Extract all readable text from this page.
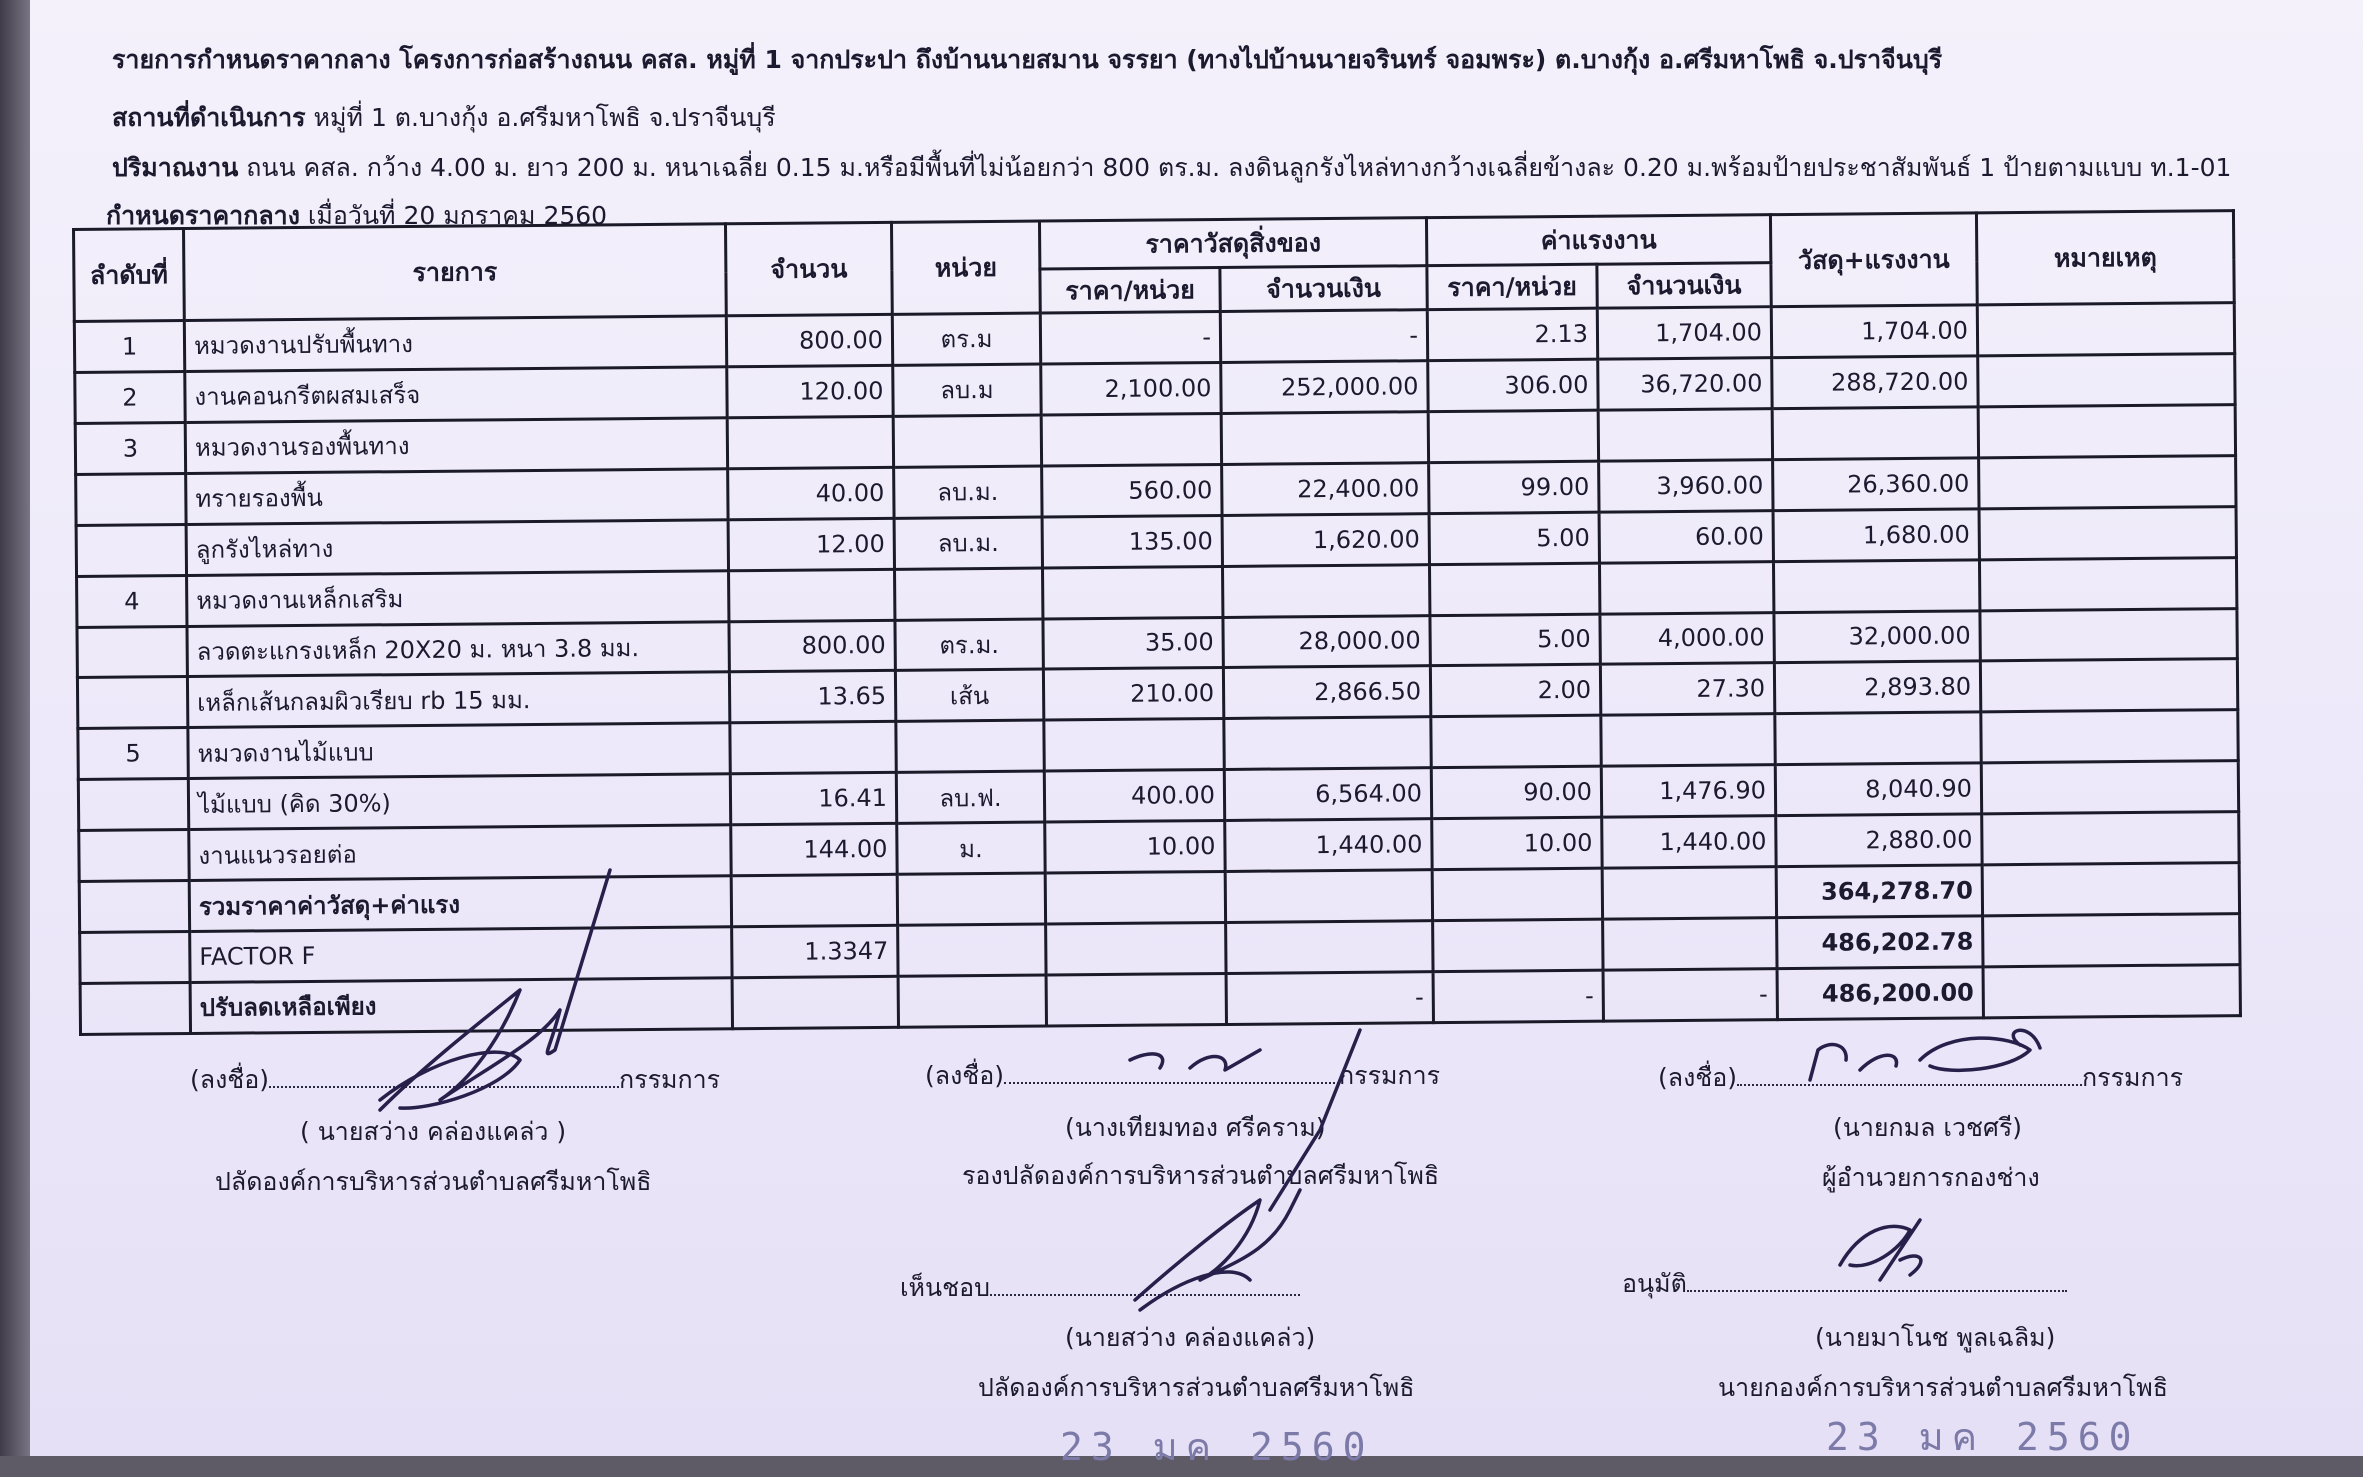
รายการกำหนดราคากลาง โครงการก่อสร้างถนน คสล. หมู่ที่ 1 จากประปา ถึงบ้านนายสมาน จรรยา (ทางไปบ้านนายจรินทร์ จอมพระ) ต.บางกุ้ง อ.ศรีมหาโพธิ จ.ปราจีนบุรี
สถานที่ดำเนินการ หมู่ที่ 1 ต.บางกุ้ง อ.ศรีมหาโพธิ จ.ปราจีนบุรี
ปริมาณงาน ถนน คสล. กว้าง 4.00 ม. ยาว 200 ม. หนาเฉลี่ย 0.15 ม.หรือมีพื้นที่ไม่น้อยกว่า 800 ตร.ม. ลงดินลูกรังไหล่ทางกว้างเฉลี่ยข้างละ 0.20 ม.พร้อมป้ายประชาสัมพันธ์ 1 ป้ายตามแบบ ท.1-01
กำหนดราคากลาง เมื่อวันที่ 20 มกราคม 2560
ลำดับที่	รายการ	จำนวน	หน่วย	ราคาวัสดุสิ่งของ		ค่าแรงงาน		วัสดุ+แรงงาน	หมายเหตุ
				ราคา/หน่วย	จำนวนเงิน	ราคา/หน่วย	จำนวนเงิน		
1	หมวดงานปรับพื้นทาง	800.00	ตร.ม	-	-	2.13	1,704.00	1,704.00	
2	งานคอนกรีตผสมเสร็จ	120.00	ลบ.ม	2,100.00	252,000.00	306.00	36,720.00	288,720.00	
3	หมวดงานรองพื้นทาง								
	ทรายรองพื้น	40.00	ลบ.ม.	560.00	22,400.00	99.00	3,960.00	26,360.00	
	ลูกรังไหล่ทาง	12.00	ลบ.ม.	135.00	1,620.00	5.00	60.00	1,680.00	
4	หมวดงานเหล็กเสริม								
	ลวดตะแกรงเหล็ก 20X20 ม. หนา 3.8 มม.	800.00	ตร.ม.	35.00	28,000.00	5.00	4,000.00	32,000.00	
	เหล็กเส้นกลมผิวเรียบ rb 15 มม.	13.65	เส้น	210.00	2,866.50	2.00	27.30	2,893.80	
5	หมวดงานไม้แบบ								
	ไม้แบบ (คิด 30%)	16.41	ลบ.ฟ.	400.00	6,564.00	90.00	1,476.90	8,040.90	
	งานแนวรอยต่อ	144.00	ม.	10.00	1,440.00	10.00	1,440.00	2,880.00	
	รวมราคาค่าวัสดุ+ค่าแรง							364,278.70	
	FACTOR F	1.3347						486,202.78	
	ปรับลดเหลือเพียง				-	-	-	486,200.00	
(ลงชื่อ)	กรรมการ
( นายสว่าง คล่องแคล่ว )
ปลัดองค์การบริหารส่วนตำบลศรีมหาโพธิ
(ลงชื่อ)	กรรมการ
(นางเทียมทอง ศรีคราม)
รองปลัดองค์การบริหารส่วนตำบลศรีมหาโพธิ
(ลงชื่อ)	กรรมการ
(นายกมล เวชศรี)
ผู้อำนวยการกองช่าง
เห็นชอบ
(นายสว่าง คล่องแคล่ว)
ปลัดองค์การบริหารส่วนตำบลศรีมหาโพธิ
อนุมัติ
(นายมาโนช พูลเฉลิม)
นายกองค์การบริหารส่วนตำบลศรีมหาโพธิ
23 มค 2560	23 มค 2560
